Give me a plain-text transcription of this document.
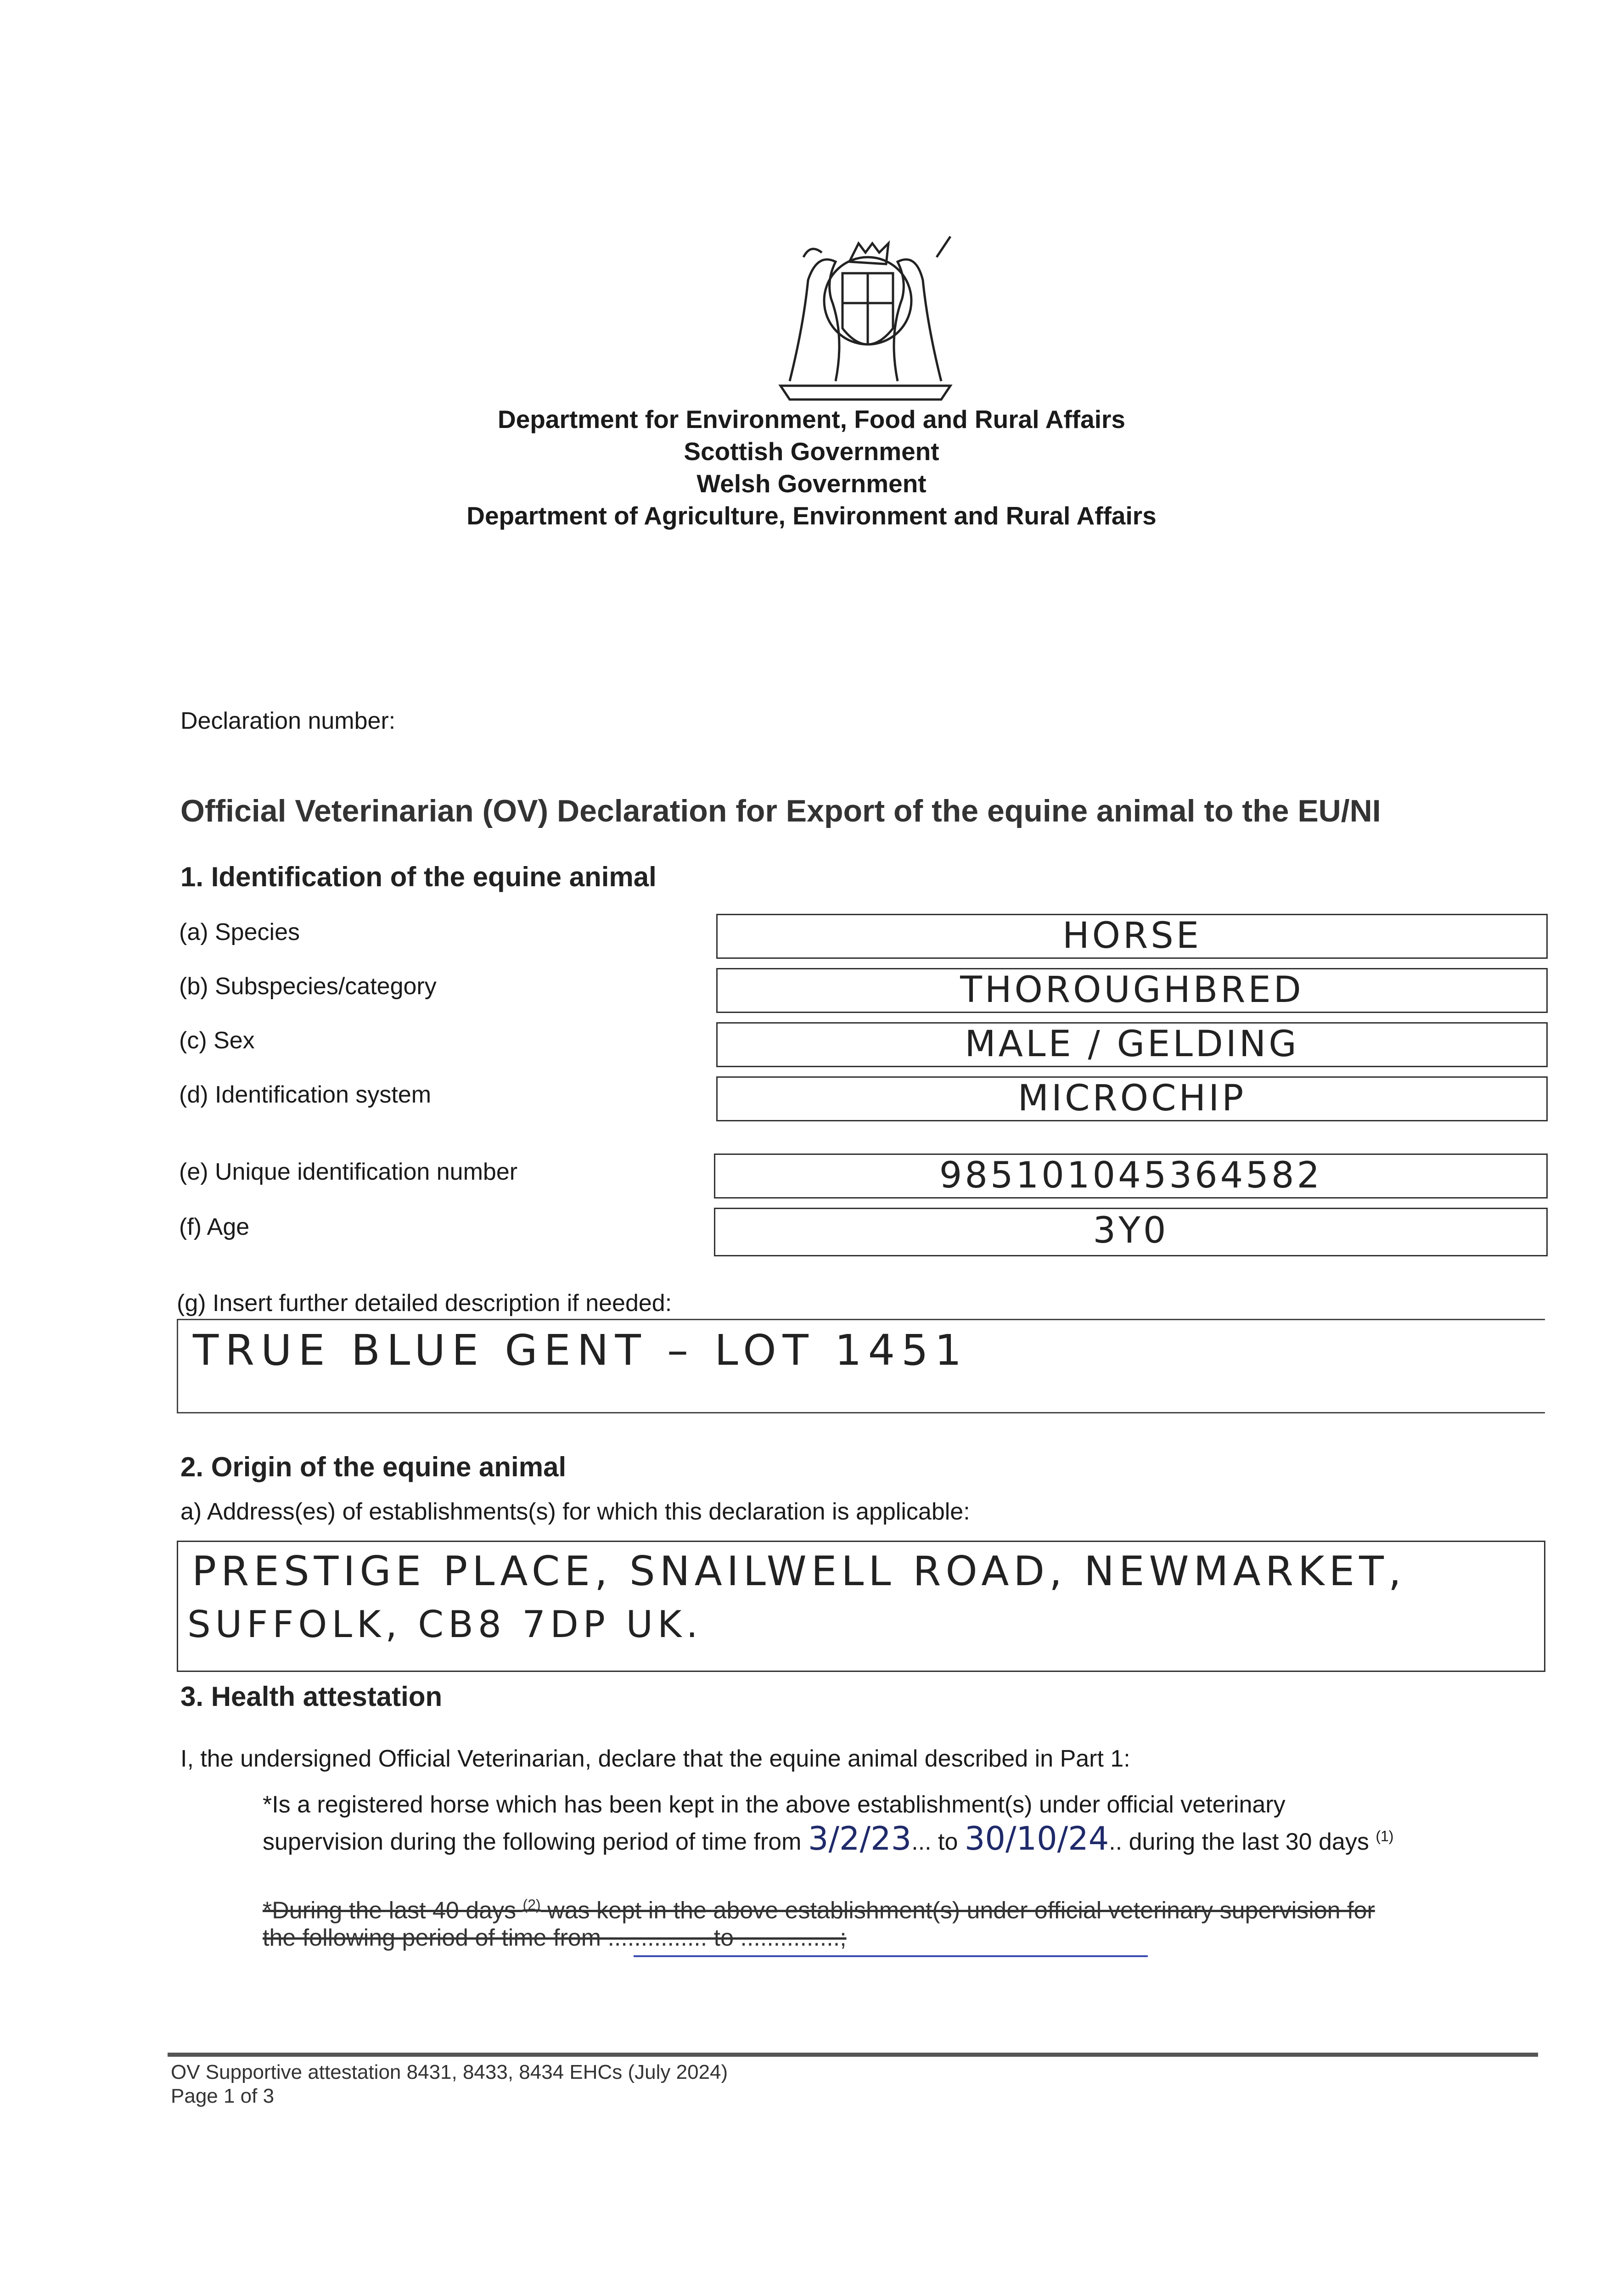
Department for Environment, Food and Rural Affairs
Scottish Government
Welsh Government
Department of Agriculture, Environment and Rural Affairs
Declaration number:
Official Veterinarian (OV) Declaration for Export of the equine animal to the EU/NI
1. Identification of the equine animal
(a) Species	HORSE
(b) Subspecies/category	THOROUGHBRED
(c) Sex	MALE / GELDING
(d) Identification system	MICROCHIP
(e) Unique identification number	985101045364582
(f) Age	3Y0
(g) Insert further detailed description if needed:
TRUE BLUE GENT – LOT 1451
2. Origin of the equine animal
a) Address(es) of establishments(s) for which this declaration is applicable:
PRESTIGE PLACE, SNAILWELL ROAD, NEWMARKET,
SUFFOLK, CB8 7DP UK.
3. Health attestation
I, the undersigned Official Veterinarian, declare that the equine animal described in Part 1:
*Is a registered horse which has been kept in the above establishment(s) under official veterinary
supervision during the following period of time from 3/2/23... to 30/10/24.. during the last 30 days $^{(1)}$
*During the last 40 days $^{(2)}$ was kept in the above establishment(s) under official veterinary supervision for
the following period of time from ............... to ...............;
OV Supportive attestation 8431, 8433, 8434 EHCs (July 2024)
Page 1 of 3
